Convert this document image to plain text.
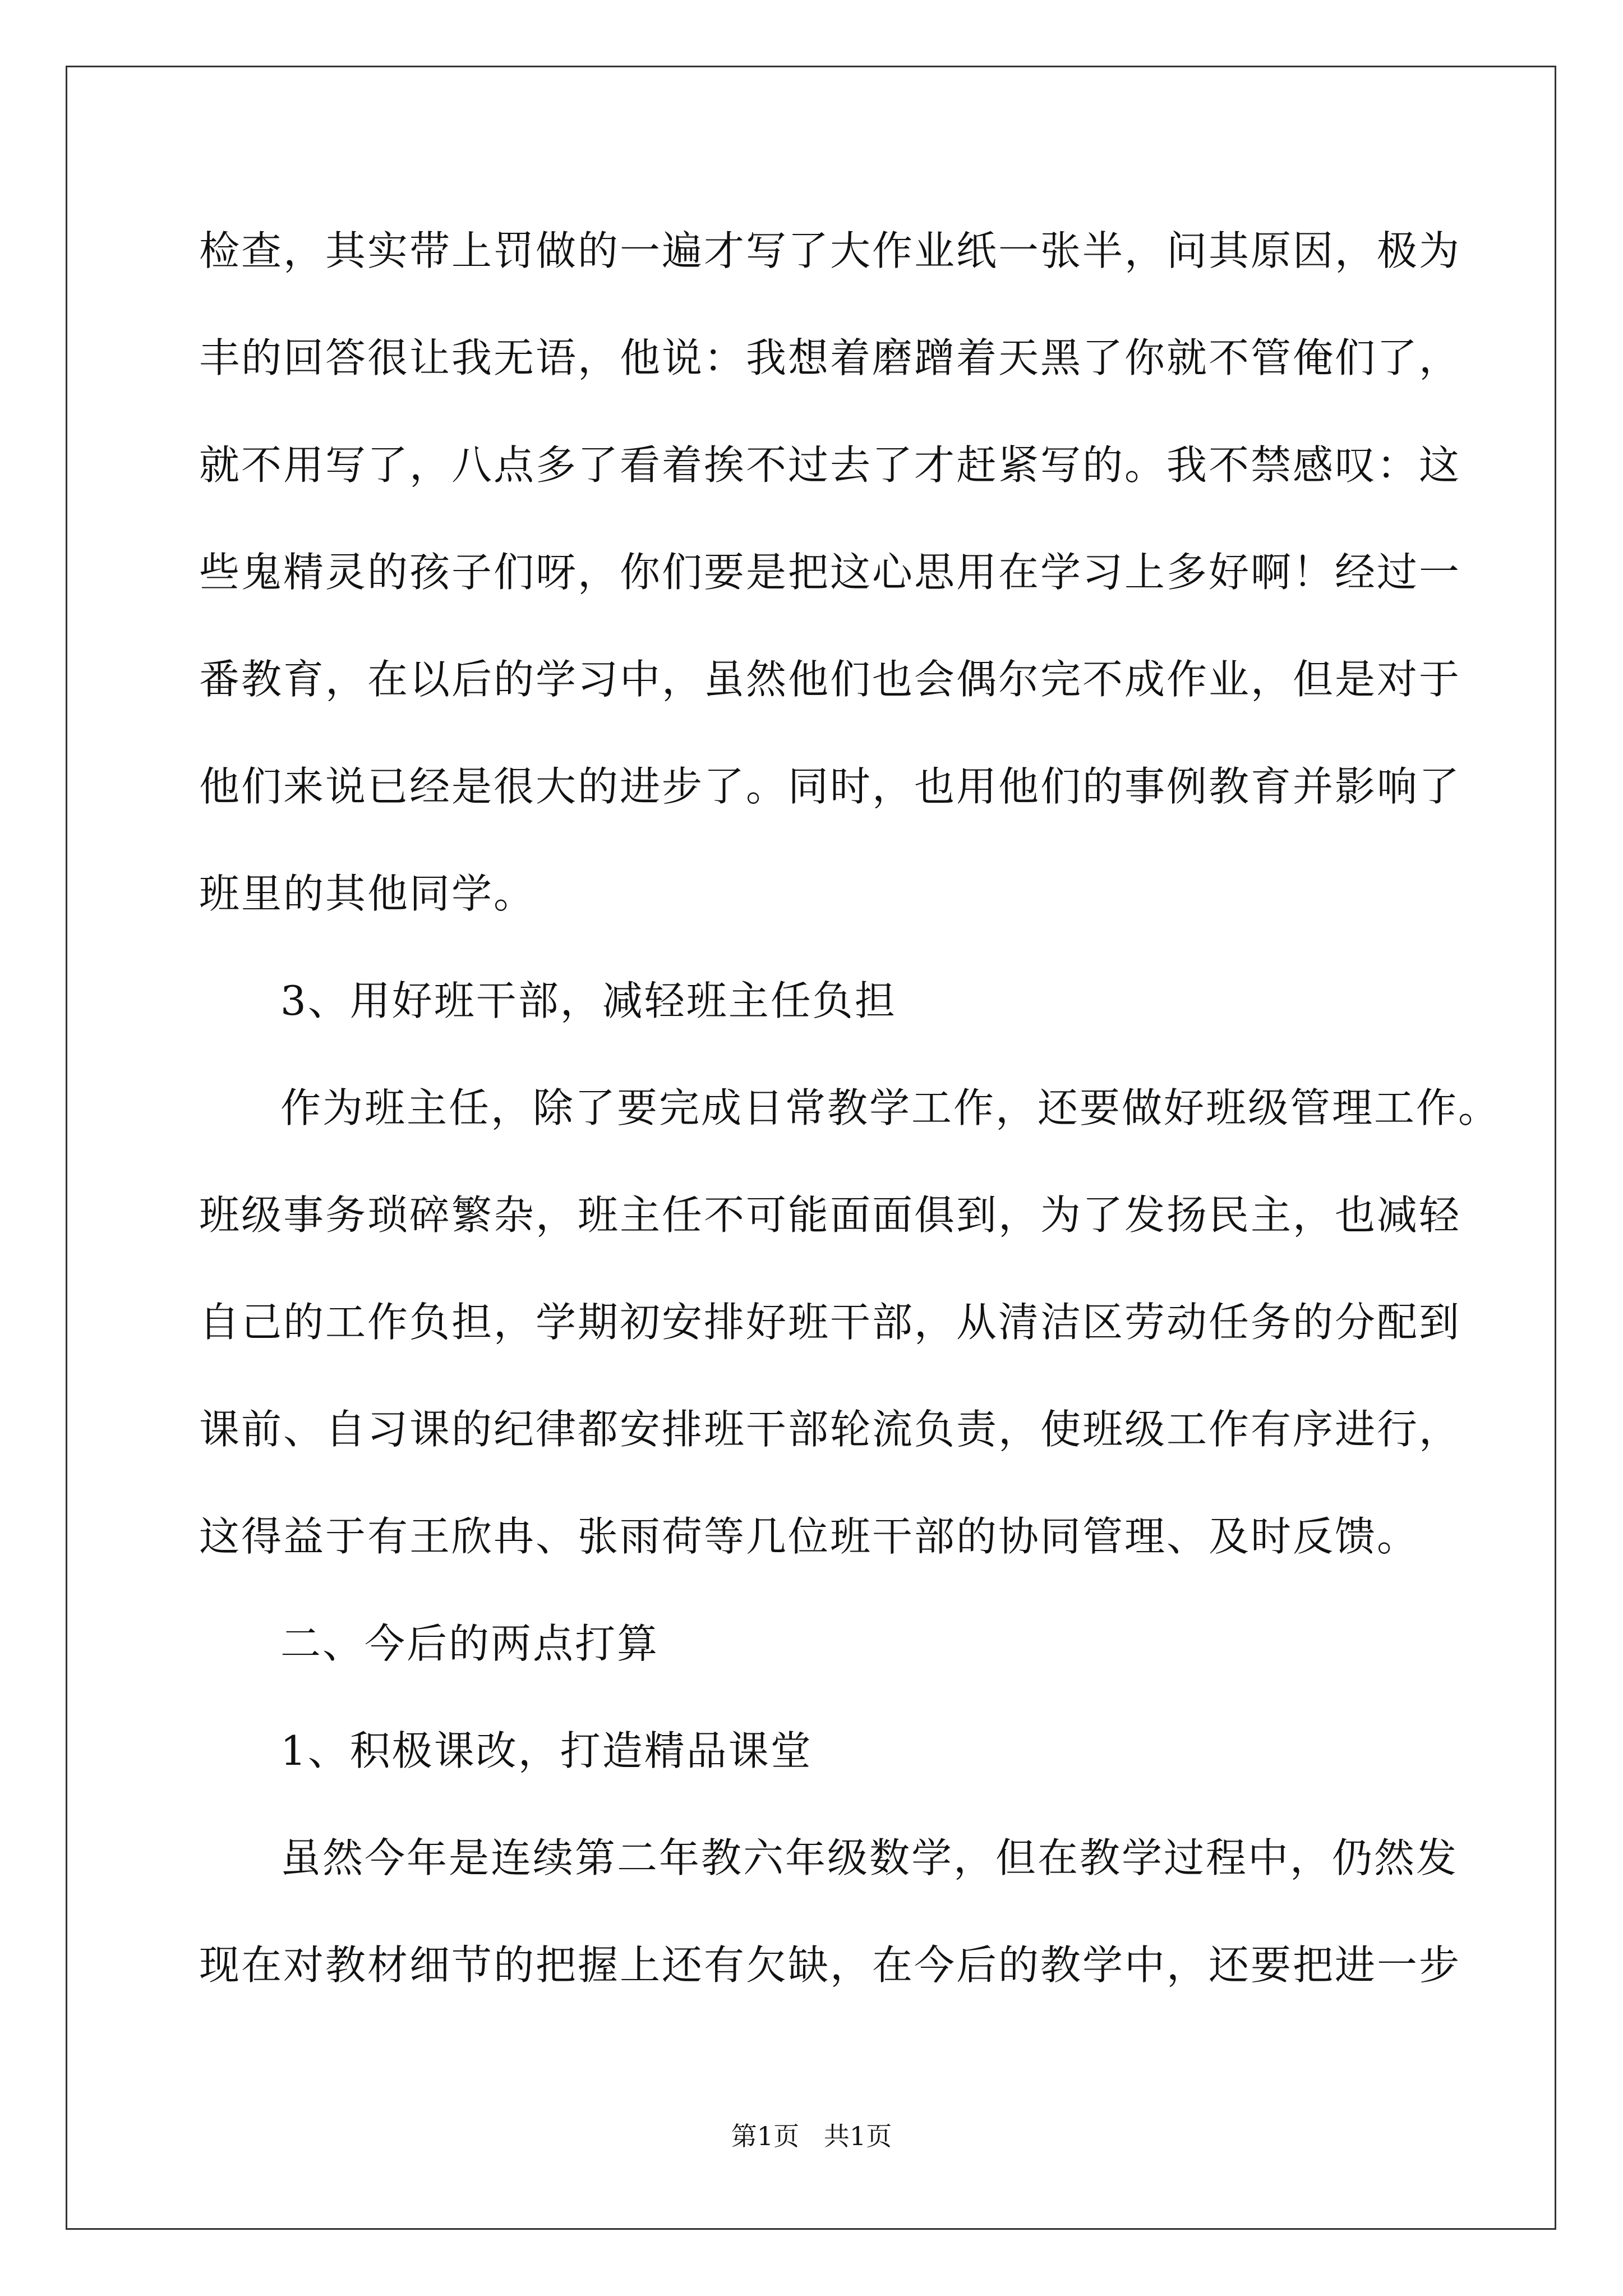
检查，其实带上罚做的一遍才写了大作业纸一张半，问其原因，极为
丰的回答很让我无语，他说：我想着磨蹭着天黑了你就不管俺们了，
就不用写了，八点多了看着挨不过去了才赶紧写的。我不禁感叹：这
些鬼精灵的孩子们呀，你们要是把这心思用在学习上多好啊！经过一
番教育，在以后的学习中，虽然他们也会偶尔完不成作业，但是对于
他们来说已经是很大的进步了。同时，也用他们的事例教育并影响了
班里的其他同学。
3、用好班干部，减轻班主任负担
作为班主任，除了要完成日常教学工作，还要做好班级管理工作。
班级事务琐碎繁杂，班主任不可能面面俱到，为了发扬民主，也减轻
自己的工作负担，学期初安排好班干部，从清洁区劳动任务的分配到
课前、自习课的纪律都安排班干部轮流负责，使班级工作有序进行，
这得益于有王欣冉、张雨荷等几位班干部的协同管理、及时反馈。
二、今后的两点打算
1、积极课改，打造精品课堂
虽然今年是连续第二年教六年级数学，但在教学过程中，仍然发
现在对教材细节的把握上还有欠缺，在今后的教学中，还要把进一步
第1页   共1页
